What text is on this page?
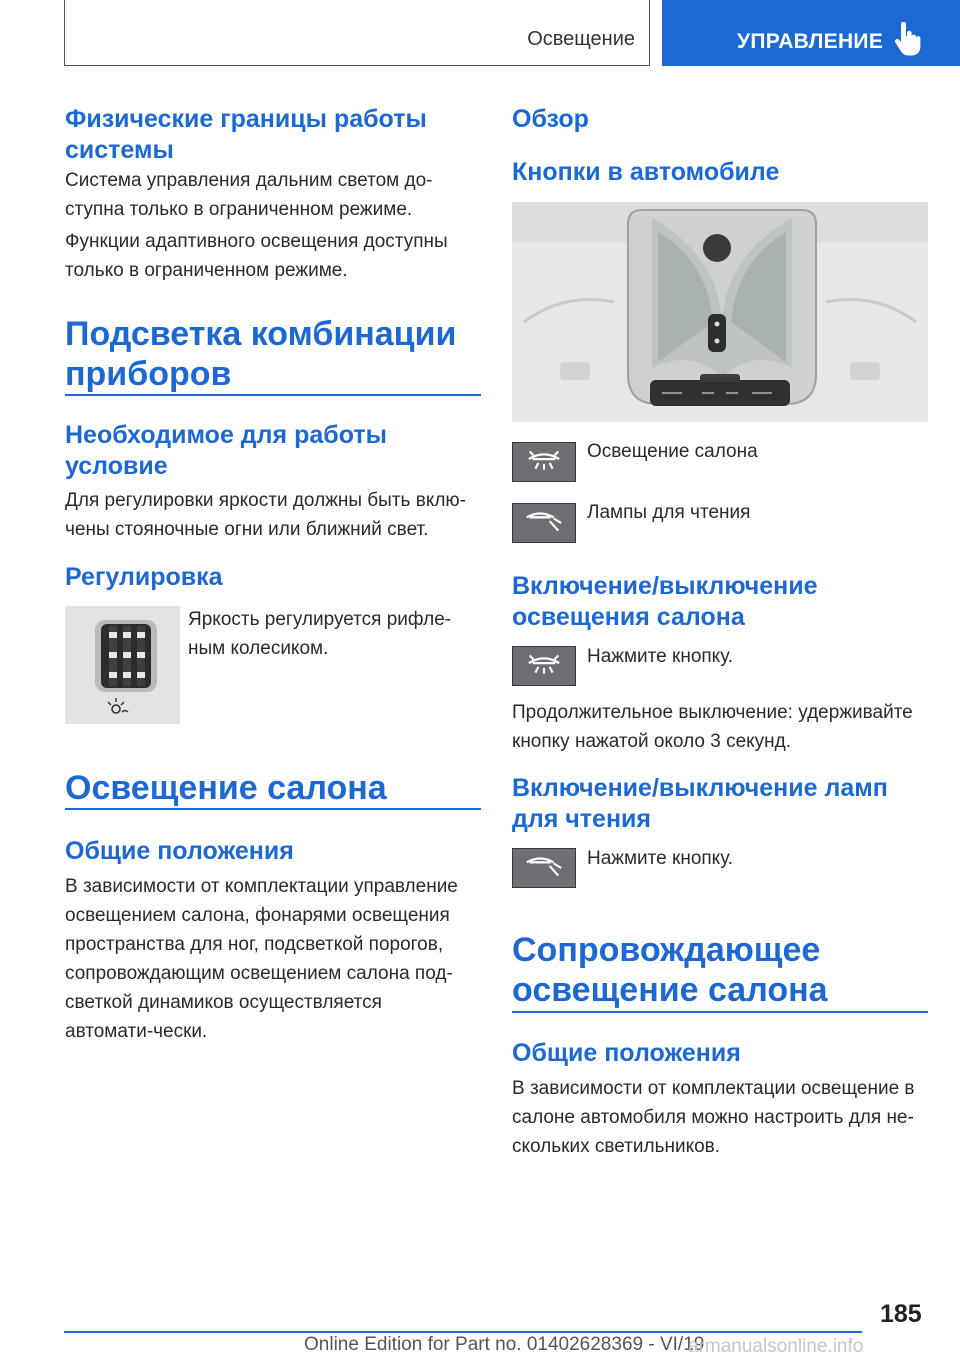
Освещение	УПРАВЛЕНИЕ
Физические границы работы системы
Система управления дальним светом до-ступна только в ограниченном режиме.
Функции адаптивного освещения доступны только в ограниченном режиме.
Подсветка комбинации приборов
Необходимое для работы условие
Для регулировки яркости должны быть вклю-чены стояночные огни или ближний свет.
Регулировка
Яркость регулируется рифле-ным колесиком.
Освещение салона
Общие положения
В зависимости от комплектации управление освещением салона, фонарями освещения пространства для ног, подсветкой порогов, сопровождающим освещением салона под-светкой динамиков осуществляется автомати-чески.
Обзор
Кнопки в автомобиле
Освещение салона
Лампы для чтения
Включение/выключение освещения салона
Нажмите кнопку.
Продолжительное выключение: удерживайте кнопку нажатой около 3 секунд.
Включение/выключение ламп для чтения
Нажмите кнопку.
Сопровождающее освещение салона
Общие положения
В зависимости от комплектации освещение в салоне автомобиля можно настроить для не-скольких светильников.
185
Online Edition for Part no. 01402628369 - VI/19
armanualsonline.info
